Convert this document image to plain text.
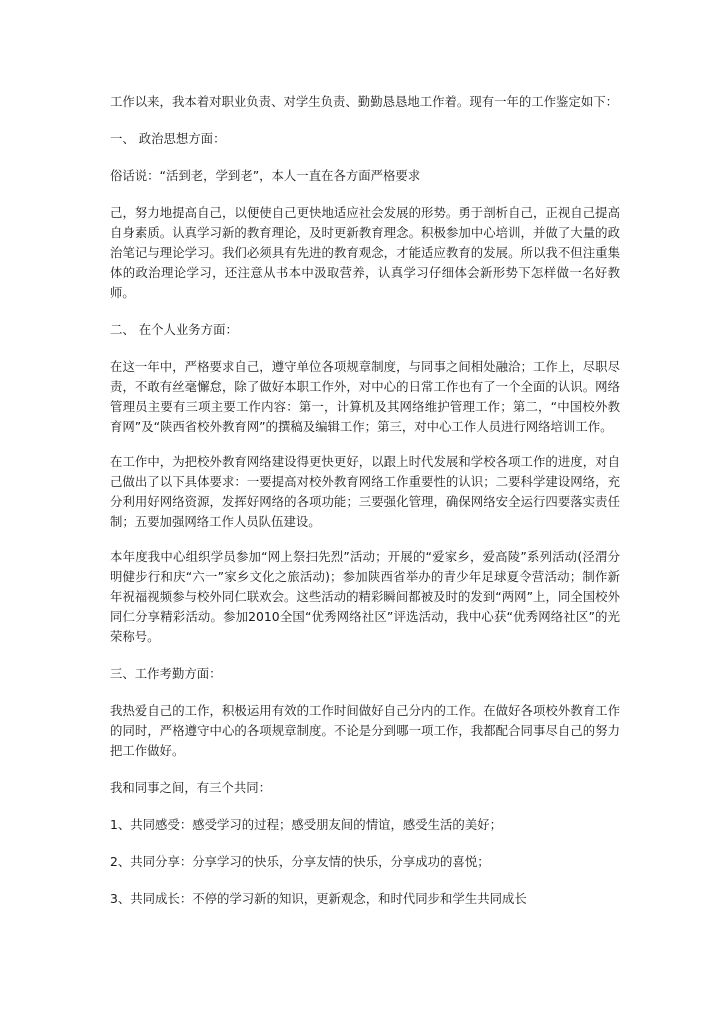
工作以来，我本着对职业负责、对学生负责、勤勤恳恳地工作着。现有一年的工作鉴定如下：

一、 政治思想方面：

俗话说：“活到老，学到老”，本人一直在各方面严格要求

己，努力地提高自己，以便使自己更快地适应社会发展的形势。勇于剖析自己，正视自己提高自身素质。认真学习新的教育理论，及时更新教育理念。积极参加中心培训，并做了大量的政治笔记与理论学习。我们必须具有先进的教育观念，才能适应教育的发展。所以我不但注重集体的政治理论学习，还注意从书本中汲取营养，认真学习仔细体会新形势下怎样做一名好教师。

二、 在个人业务方面：

在这一年中，严格要求自己，遵守单位各项规章制度，与同事之间相处融洽；工作上，尽职尽责，不敢有丝毫懈怠，除了做好本职工作外，对中心的日常工作也有了一个全面的认识。网络管理员主要有三项主要工作内容：第一，计算机及其网络维护管理工作；第二，“中国校外教育网”及“陕西省校外教育网”的撰稿及编辑工作；第三，对中心工作人员进行网络培训工作。

在工作中，为把校外教育网络建设得更快更好，以跟上时代发展和学校各项工作的进度，对自己做出了以下具体要求：一要提高对校外教育网络工作重要性的认识；二要科学建设网络，充分利用好网络资源，发挥好网络的各项功能；三要强化管理，确保网络安全运行四要落实责任制；五要加强网络工作人员队伍建设。

本年度我中心组织学员参加“网上祭扫先烈”活动；开展的“爱家乡，爱高陵”系列活动(泾渭分明健步行和庆“六一”家乡文化之旅活动)；参加陕西省举办的青少年足球夏令营活动；制作新年祝福视频参与校外同仁联欢会。这些活动的精彩瞬间都被及时的发到“两网”上，同全国校外同仁分享精彩活动。参加2010全国“优秀网络社区”评选活动，我中心获“优秀网络社区”的光荣称号。

三、工作考勤方面：

我热爱自己的工作，积极运用有效的工作时间做好自己分内的工作。在做好各项校外教育工作的同时，严格遵守中心的各项规章制度。不论是分到哪一项工作，我都配合同事尽自己的努力把工作做好。

我和同事之间，有三个共同：

1、共同感受：感受学习的过程；感受朋友间的情谊，感受生活的美好；

2、共同分享：分享学习的快乐，分享友情的快乐，分享成功的喜悦；

3、共同成长：不停的学习新的知识，更新观念，和时代同步和学生共同成长
